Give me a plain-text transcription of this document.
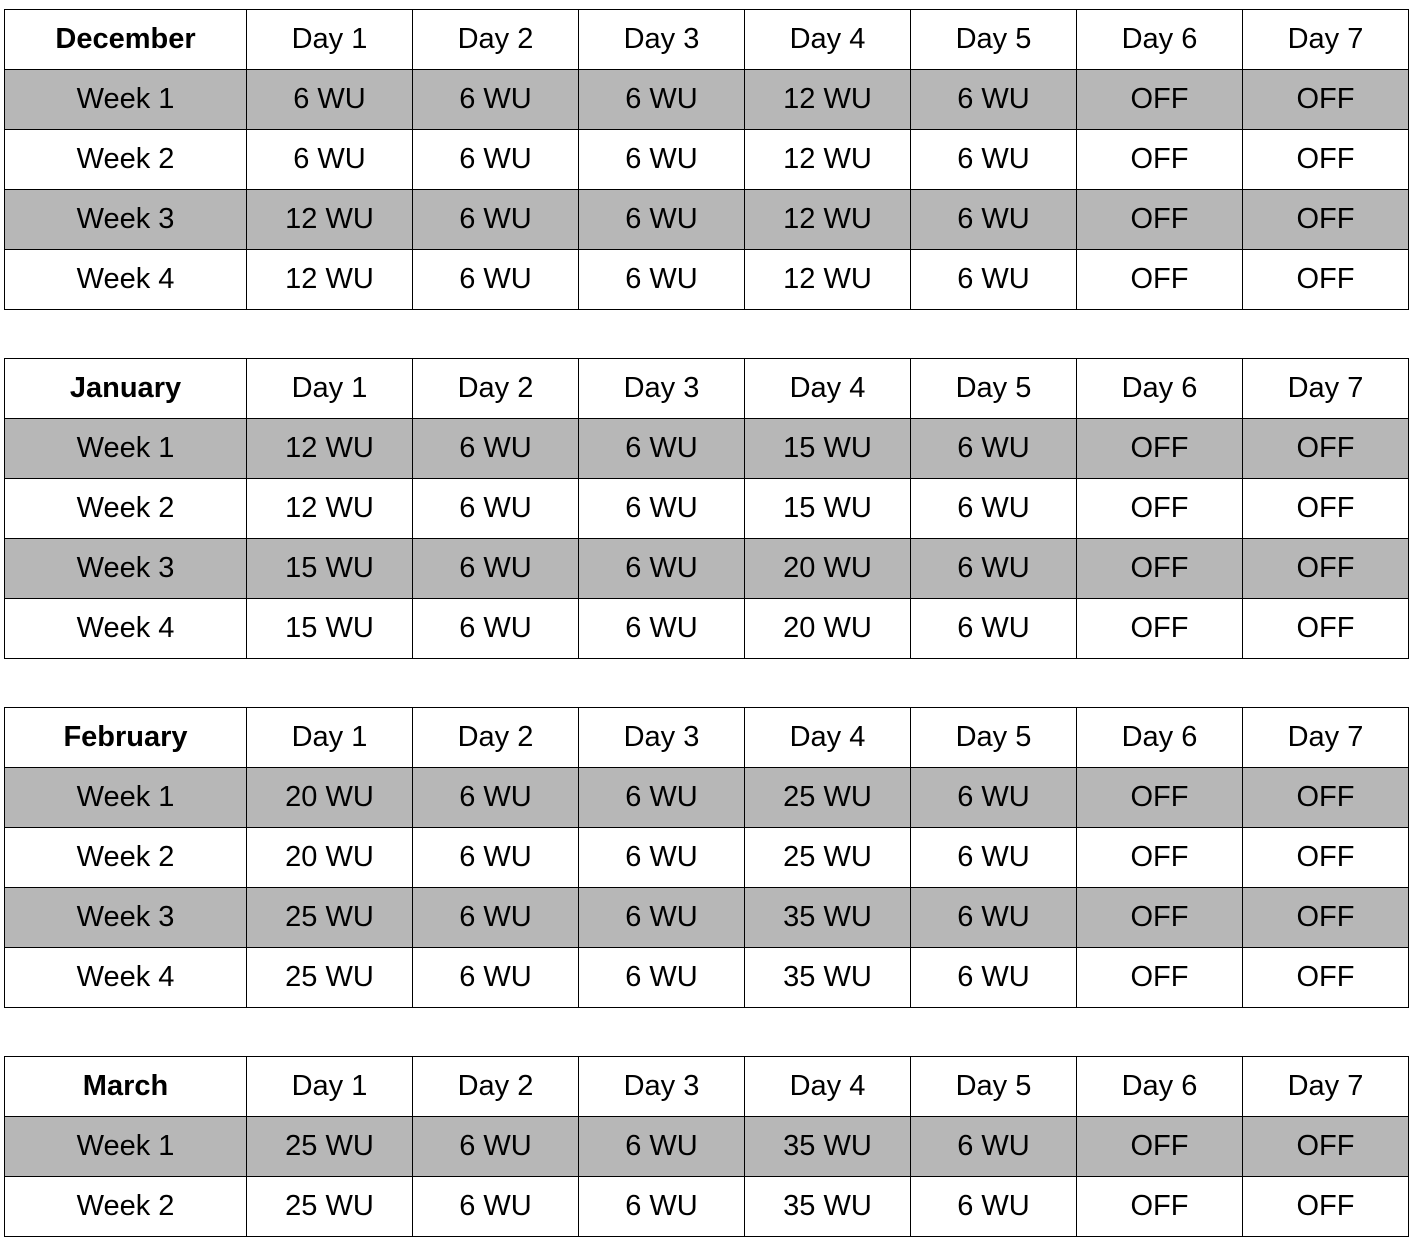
December	Day 1	Day 2	Day 3	Day 4	Day 5	Day 6	Day 7
Week 1	6 WU	6 WU	6 WU	12 WU	6 WU	OFF	OFF
Week 2	6 WU	6 WU	6 WU	12 WU	6 WU	OFF	OFF
Week 3	12 WU	6 WU	6 WU	12 WU	6 WU	OFF	OFF
Week 4	12 WU	6 WU	6 WU	12 WU	6 WU	OFF	OFF
January	Day 1	Day 2	Day 3	Day 4	Day 5	Day 6	Day 7
Week 1	12 WU	6 WU	6 WU	15 WU	6 WU	OFF	OFF
Week 2	12 WU	6 WU	6 WU	15 WU	6 WU	OFF	OFF
Week 3	15 WU	6 WU	6 WU	20 WU	6 WU	OFF	OFF
Week 4	15 WU	6 WU	6 WU	20 WU	6 WU	OFF	OFF
February	Day 1	Day 2	Day 3	Day 4	Day 5	Day 6	Day 7
Week 1	20 WU	6 WU	6 WU	25 WU	6 WU	OFF	OFF
Week 2	20 WU	6 WU	6 WU	25 WU	6 WU	OFF	OFF
Week 3	25 WU	6 WU	6 WU	35 WU	6 WU	OFF	OFF
Week 4	25 WU	6 WU	6 WU	35 WU	6 WU	OFF	OFF
March	Day 1	Day 2	Day 3	Day 4	Day 5	Day 6	Day 7
Week 1	25 WU	6 WU	6 WU	35 WU	6 WU	OFF	OFF
Week 2	25 WU	6 WU	6 WU	35 WU	6 WU	OFF	OFF
